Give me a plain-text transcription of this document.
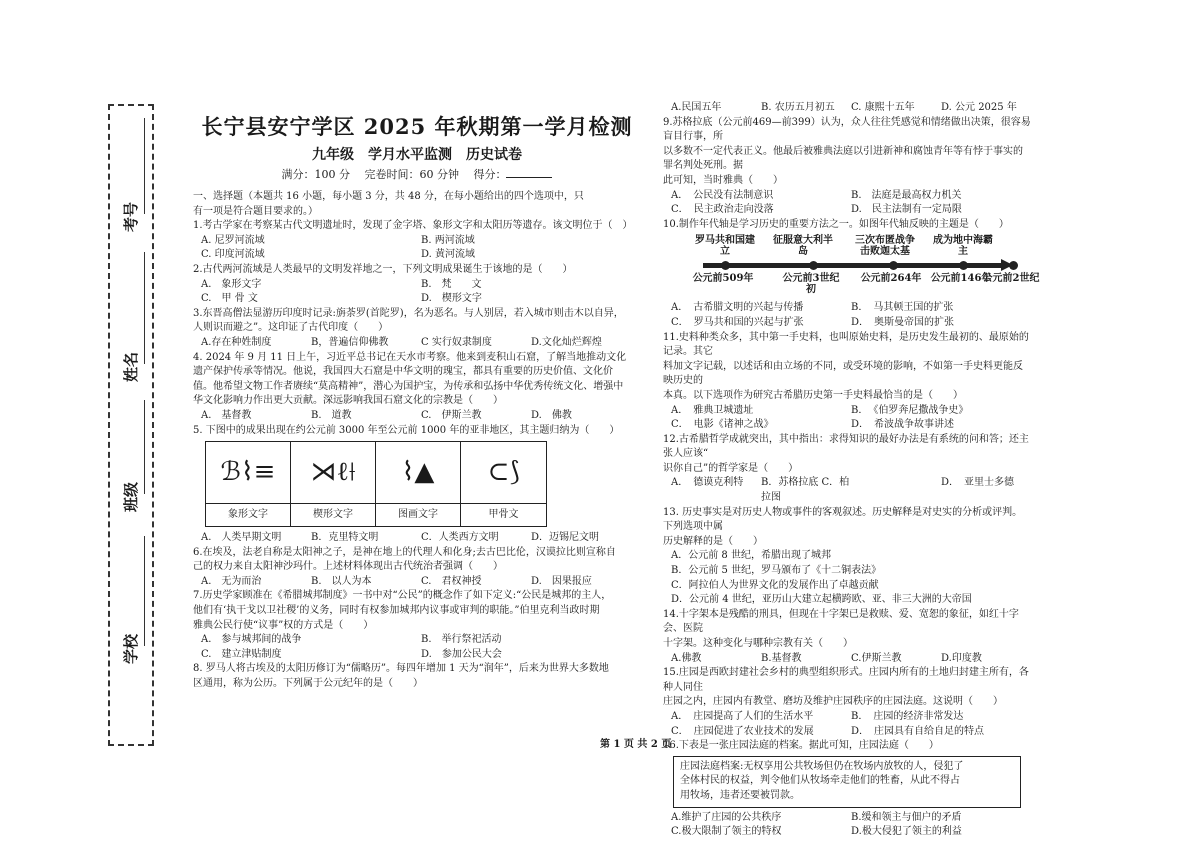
考号
姓名
班级
学校
长宁县安宁学区 2025 年秋期第一学月检测
九年级　学月水平监测　历史试卷
满分：100 分　 完卷时间：60 分钟　 得分：
一、选择题（本题共 16 小题，每小题 3 分，共 48 分，在每小题给出的四个选项中，只
有一项是符合题目要求的。）
1.考古学家在考察某古代文明遗址时，发现了金字塔、象形文字和太阳历等遗存。该文明位于（　）
A. 尼罗河流域	B. 两河流域
C. 印度河流域	D. 黄河流域
2.古代两河流域是人类最早的文明发祥地之一，下列文明成果诞生于该地的是（　　）
A.　象形文字	B.　梵　　文
C.　甲 骨 文	D.　楔形文字
3.东晋高僧法显游历印度时记录:旃荼罗(首陀罗)，名为恶名。与人别居，若入城市则击木以自异，
人则识而避之”。这印证了古代印度（　　）
A.存在种姓制度	B，普遍信仰佛教	C 实行奴隶制度	D.文化灿烂辉煌
4. 2024 年 9 月 11 日上午，习近平总书记在天水市考察。他来到麦积山石窟，了解当地推动文化
遗产保护传承等情况。他说，我国四大石窟是中华文明的瑰宝，都具有重要的历史价值、文化价
值。他希望文物工作者赓续“莫高精神”，潜心为国护宝，为传承和弘扬中华优秀传统文化、增强中
华文化影响力作出更大贡献。深远影响我国石窟文化的宗教是（　　）
A.　基督教	B.　道教	C.　伊斯兰教	D.　佛教
5. 下图中的成果出现在约公元前 3000 年至公元前 1000 年的亚非地区，其主题归纳为（　　）
ℬ⌇≡
象形文字
⋊ℓ⟊
楔形文字
⌇▲
图画文字
⊂⟆
甲骨文
A.　人类早期文明	B．克里特文明	C．人类西方文明	D．迈锡尼文明
6.在埃及，法老自称是太阳神之子，是神在地上的代理人和化身;去古巴比伦，汉谟拉比则宣称自
己的权力来自太阳神沙玛什。上述材料体现出古代统治者强调（　　）
A.　无为而治	B.　以人为本	C.　君权神授	D.　因果报应
7.历史学家顾准在《希腊城邦制度》一书中对“公民”的概念作了如下定义:“公民是城邦的主人，
他们有‘执干戈以卫社稷’的义务，同时有权参加城邦内议事或审判的职能。”伯里克利当政时期
雅典公民行使“议事”权的方式是（　　）
A.　参与城邦间的战争	B.　举行祭祀活动
C.　建立津贴制度	D.　参加公民大会
8. 罗马人将古埃及的太阳历修订为“儒略历”。每四年增加 1 天为“润年”，后来为世界大多数地
区通用，称为公历。下列属于公元纪年的是（　　）
A.民国五年	B. 农历五月初五	C. 康熙十五年	D. 公元 2025 年
9.苏格拉底（公元前469—前399）认为，众人往往凭感觉和情绪做出决策，很容易盲目行事，所
以多数不一定代表正义。他最后被雅典法庭以引进新神和腐蚀青年等有悖于事实的罪名判处死刑。据
此可知，当时雅典（　　）
A．　公民没有法制意识	B.　法庭是最高权力机关
C．　民主政治走向没落	D.　民主法制有一定局限
10.制作年代轴是学习历史的重要方法之一。如图年代轴反映的主题是（　　）
罗马共和国建立
征服意大利半岛
三次布匿战争击败迦太基
成为地中海霸主
公元前509年	公元前3世纪初
公元前264年 公元前146年
公元前2世纪
A．　古希腊文明的兴起与传播	B．　马其顿王国的扩张
C．　罗马共和国的兴起与扩张	D．　奥斯曼帝国的扩张
11.史料种类众多，其中第一手史料，也叫原始史料，是历史发生最初的、最原始的记录。其它
料加文字记载，以述话和由立场的不同，或受环境的影响，不如第一手史料更能反映历史的
本真。以下选项作为研究古希腊历史第一手史料最恰当的是（　　）
A．　雅典卫城遗址	B．　《伯罗奔尼撒战争史》
C．　电影《诸神之战》	D．　希波战争故事讲述
12.古希腊哲学成就突出，其中指出：求得知识的最好办法是有系统的问和答；还主张人应该“
识你自己”的哲学家是（　　）
A．　德谟克利特	B．苏格拉底 C．柏拉图
D．　亚里士多德
13. 历史事实是对历史人物或事件的客观叙述。历史解释是对史实的分析或评判。下列选项中属
历史解释的是（　　）
A．公元前 8 世纪，希腊出现了城邦
B．公元前 5 世纪，罗马颁布了《十二铜表法》
C．阿拉伯人为世界文化的发展作出了卓越贡献
D．公元前 4 世纪，亚历山大建立起横跨欧、亚、非三大洲的大帝国
14.十字架本是残酷的刑具，但现在十字架已是救赎、爱、宽恕的象征，如红十字会、医院
十字架。这种变化与哪种宗教有关（　　）
A.佛教	B.基督教	C.伊斯兰教	D.印度教
15.庄园是西欧封建社会乡村的典型组织形式。庄园内所有的土地归封建主所有，各种人同住
庄园之内，庄园内有教堂、磨坊及维护庄园秩序的庄园法庭。这说明（　　）
A．　庄园提高了人们的生活水平	B．　庄园的经济非常发达
C．　庄园促进了农业技术的发展	D．　庄园具有自给自足的特点
16.下表是一张庄园法庭的档案。据此可知，庄园法庭（　　）
庄园法庭档案:无权享用公共牧场但仍在牧场内放牧的人，侵犯了
全体村民的权益，判令他们从牧场牵走他们的牲畜，从此不得占
用牧场，违者还要被罚款。
A.维护了庄园的公共秩序	B.缓和领主与佃户的矛盾
C.极大限制了领主的特权	D.极大侵犯了领主的利益
第 1 页 共 2 页
